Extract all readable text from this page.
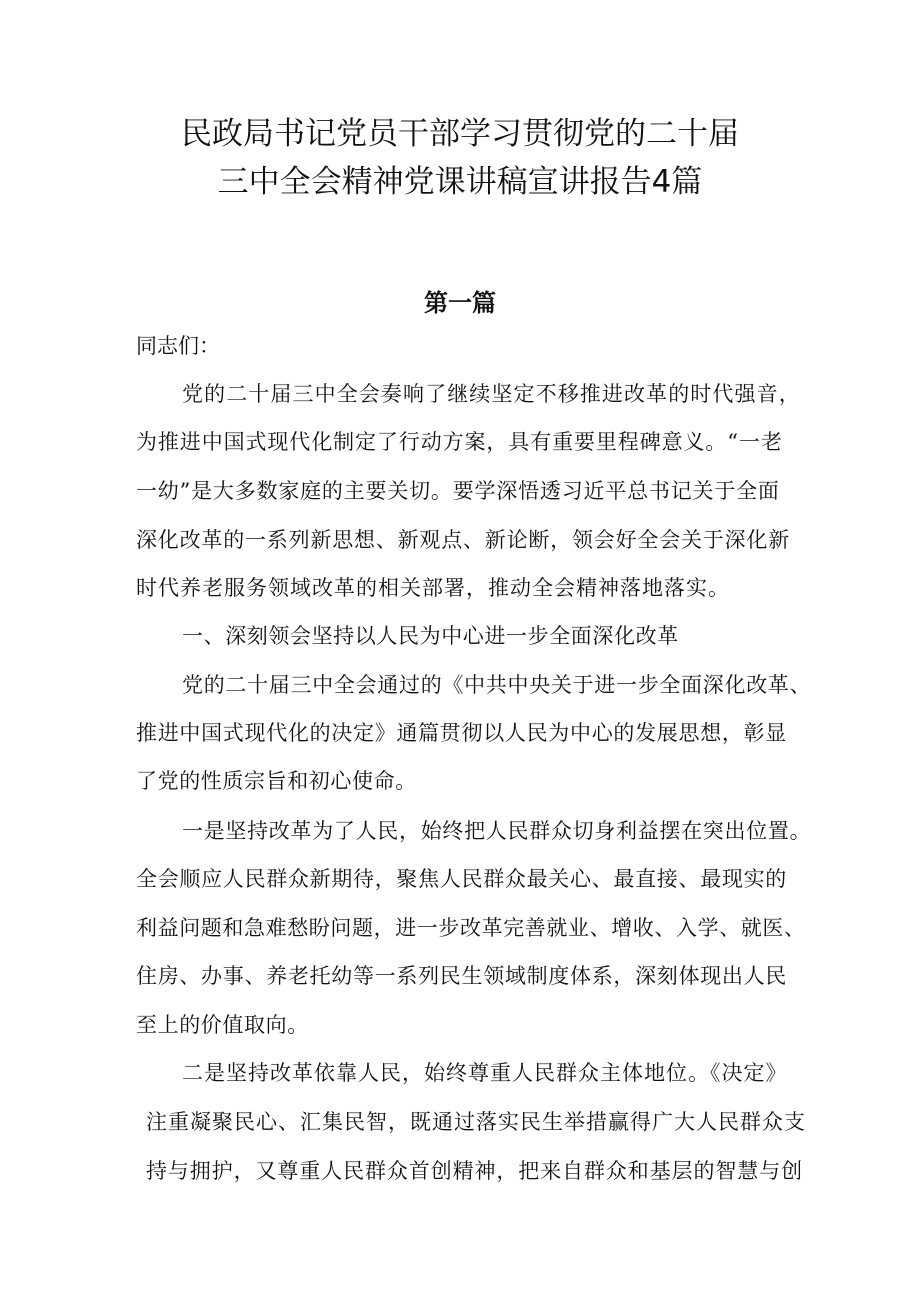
民政局书记党员干部学习贯彻党的二十届
三中全会精神党课讲稿宣讲报告4篇
第一篇
同志们：
党的二十届三中全会奏响了继续坚定不移推进改革的时代强音，
为推进中国式现代化制定了行动方案，具有重要里程碑意义。“一老
一幼”是大多数家庭的主要关切。要学深悟透习近平总书记关于全面
深化改革的一系列新思想、新观点、新论断，领会好全会关于深化新
时代养老服务领域改革的相关部署，推动全会精神落地落实。
一、深刻领会坚持以人民为中心进一步全面深化改革
党的二十届三中全会通过的《中共中央关于进一步全面深化改革、
推进中国式现代化的决定》通篇贯彻以人民为中心的发展思想，彰显
了党的性质宗旨和初心使命。
一是坚持改革为了人民，始终把人民群众切身利益摆在突出位置。
全会顺应人民群众新期待，聚焦人民群众最关心、最直接、最现实的
利益问题和急难愁盼问题，进一步改革完善就业、增收、入学、就医、
住房、办事、养老托幼等一系列民生领域制度体系，深刻体现出人民
至上的价值取向。
二是坚持改革依靠人民，始终尊重人民群众主体地位。《决定》
注重凝聚民心、汇集民智，既通过落实民生举措赢得广大人民群众支
持与拥护，又尊重人民群众首创精神，把来自群众和基层的智慧与创
